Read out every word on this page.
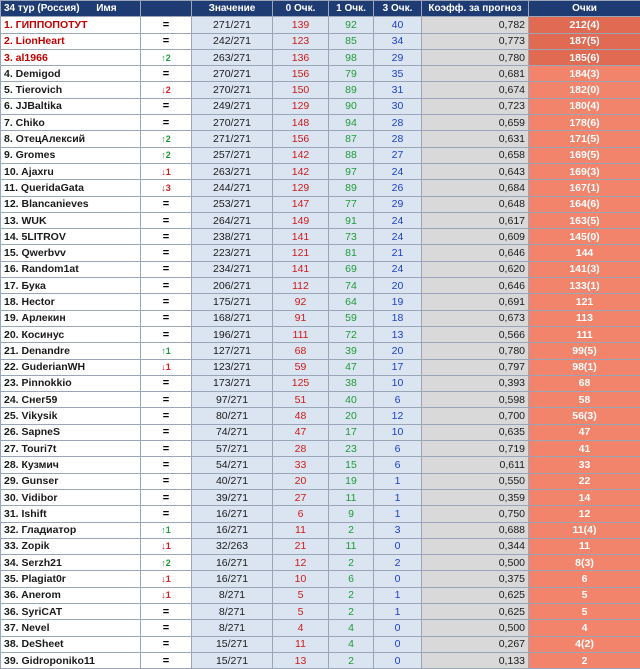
34 тур (Россия) Имя		Значение	0 Очк.	1 Очк.	3 Очк.	Коэфф. за прогноз	Очки
1. ГИППОПОТУТ	=	271/271	139	92	40	0,782	212(4)
2. LionHeart	=	242/271	123	85	34	0,773	187(5)
3. al1966	↑2	263/271	136	98	29	0,780	185(6)
4. Demigod	=	270/271	156	79	35	0,681	184(3)
5. Tierovich	↓2	270/271	150	89	31	0,674	182(0)
6. JJBaltika	=	249/271	129	90	30	0,723	180(4)
7. Chiko	=	270/271	148	94	28	0,659	178(6)
8. ОтецАлексий	↑2	271/271	156	87	28	0,631	171(5)
9. Gromes	↑2	257/271	142	88	27	0,658	169(5)
10. Ajaxru	↓1	263/271	142	97	24	0,643	169(3)
11. QueridaGata	↓3	244/271	129	89	26	0,684	167(1)
12. Blancanieves	=	253/271	147	77	29	0,648	164(6)
13. WUK	=	264/271	149	91	24	0,617	163(5)
14. 5LITROV	=	238/271	141	73	24	0,609	145(0)
15. Qwerbvv	=	223/271	121	81	21	0,646	144
16. Random1at	=	234/271	141	69	24	0,620	141(3)
17. Бука	=	206/271	112	74	20	0,646	133(1)
18. Hector	=	175/271	92	64	19	0,691	121
19. Арлекин	=	168/271	91	59	18	0,673	113
20. Косинус	=	196/271	111	72	13	0,566	111
21. Denandre	↑1	127/271	68	39	20	0,780	99(5)
22. GuderianWH	↓1	123/271	59	47	17	0,797	98(1)
23. Pinnokkio	=	173/271	125	38	10	0,393	68
24. Снег59	=	97/271	51	40	6	0,598	58
25. Vikysik	=	80/271	48	20	12	0,700	56(3)
26. SapneS	=	74/271	47	17	10	0,635	47
27. Touri7t	=	57/271	28	23	6	0,719	41
28. Кузмич	=	54/271	33	15	6	0,611	33
29. Gunser	=	40/271	20	19	1	0,550	22
30. Vidibor	=	39/271	27	11	1	0,359	14
31. Ishift	=	16/271	6	9	1	0,750	12
32. Гладиатор	↑1	16/271	11	2	3	0,688	11(4)
33. Zopik	↓1	32/263	21	11	0	0,344	11
34. Serzh21	↑2	16/271	12	2	2	0,500	8(3)
35. Plagiat0r	↓1	16/271	10	6	0	0,375	6
36. Anerom	↓1	8/271	5	2	1	0,625	5
36. SyriCAT	=	8/271	5	2	1	0,625	5
37. Nevel	=	8/271	4	4	0	0,500	4
38. DeSheet	=	15/271	11	4	0	0,267	4(2)
39. Gidroponiko11	=	15/271	13	2	0	0,133	2
